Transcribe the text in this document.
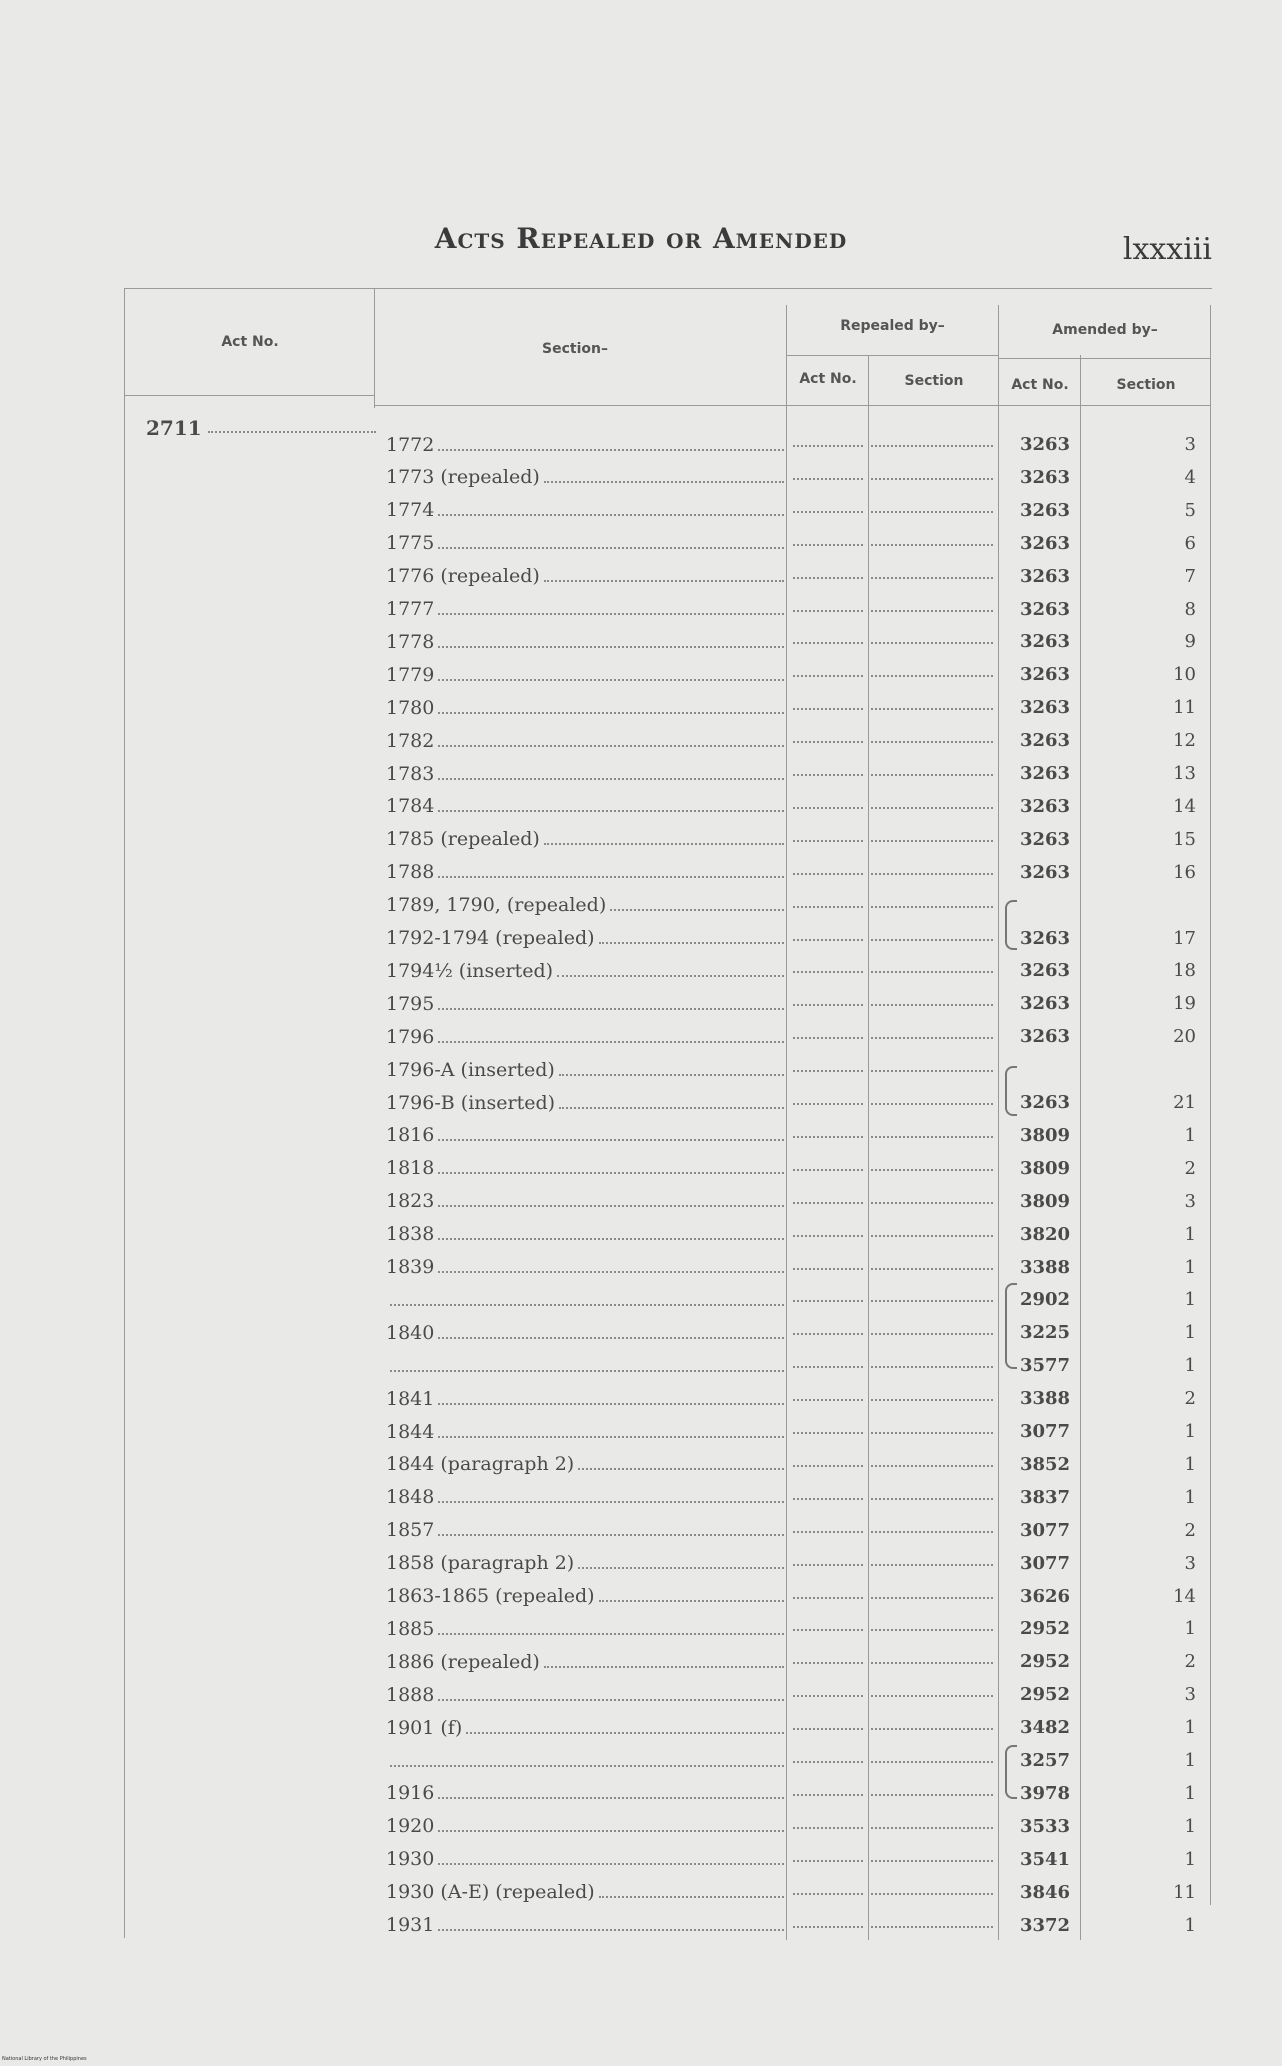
Acts Repealed or Amended	lxxxiii
Act No.	Section–
Repealed by–	Amended by–
Act No.	Section	Act No.	Section
2711
1772	3263	3
1773 (repealed)	3263	4
1774	3263	5
1775	3263	6
1776 (repealed)	3263	7
1777	3263	8
1778	3263	9
1779	3263	10
1780	3263	11
1782	3263	12
1783	3263	13
1784	3263	14
1785 (repealed)	3263	15
1788	3263	16
1789, 1790, (repealed)
1792-1794 (repealed)	3263	17
1794½ (inserted)	3263	18
1795	3263	19
1796	3263	20
1796-A (inserted)
1796-B (inserted)	3263	21
1816	3809	1
1818	3809	2
1823	3809	3
1838	3820	1
1839	3388	1
2902	1
1840	3225	1
3577	1
1841	3388	2
1844	3077	1
1844 (paragraph 2)	3852	1
1848	3837	1
1857	3077	2
1858 (paragraph 2)	3077	3
1863-1865 (repealed)	3626	14
1885	2952	1
1886 (repealed)	2952	2
1888	2952	3
1901 (f)	3482	1
3257	1
1916	3978	1
1920	3533	1
1930	3541	1
1930 (A-E) (repealed)	3846	11
1931	3372	1
National Library of the Philippines
